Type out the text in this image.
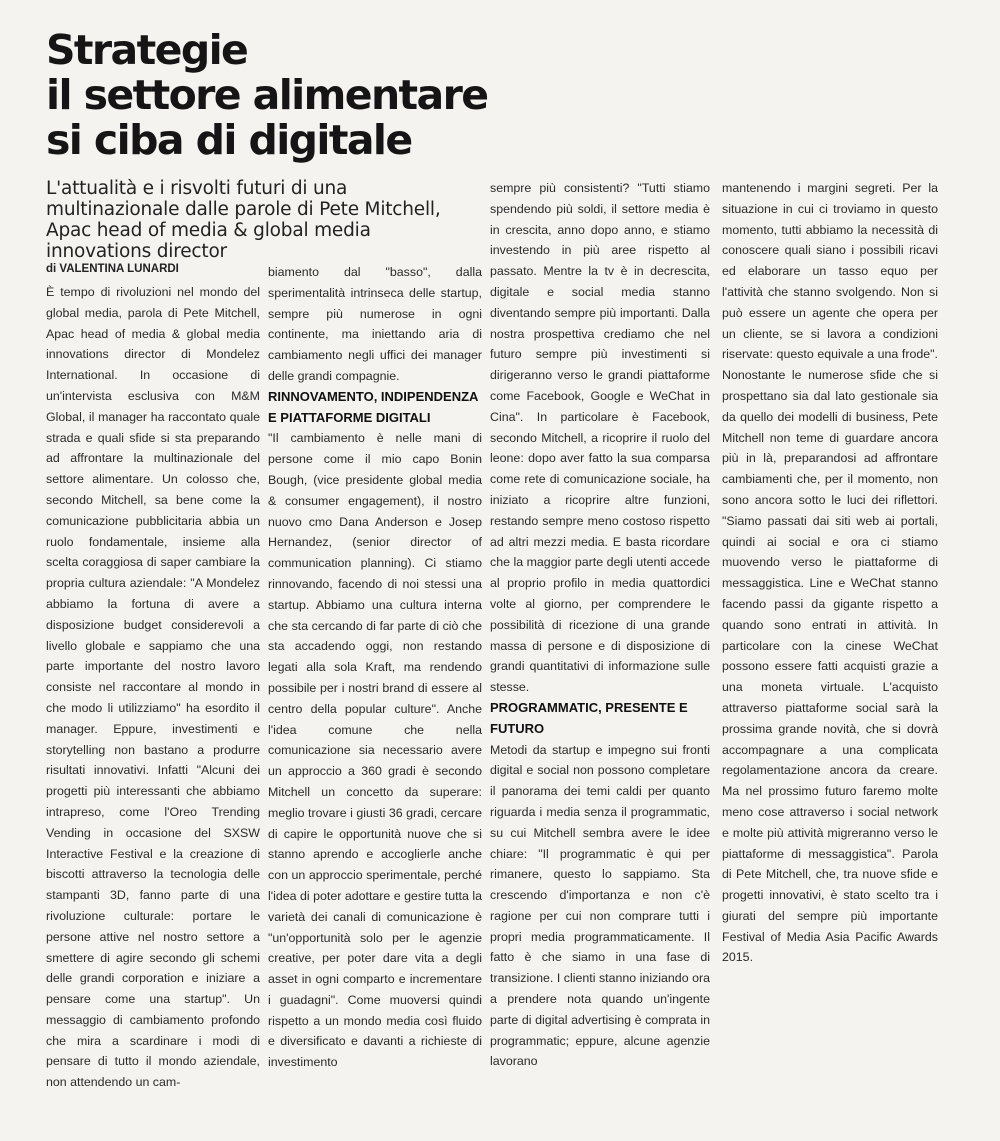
Strategie
il settore alimentare
si ciba di digitale
L'attualità e i risvolti futuri di una multinazionale dalle parole di Pete Mitchell, Apac head of media & global media innovations director
di VALENTINA LUNARDI

È tempo di rivoluzioni nel mondo del global media, parola di Pete Mitchell, Apac head of media & global media innovations director di Mondelez International. In occasione di un'intervista esclusiva con M&M Global, il manager ha raccontato quale strada e quali sfide si sta preparando ad affrontare la multinazionale del settore alimentare. Un colosso che, secondo Mitchell, sa bene come la comunicazione pubblicitaria abbia un ruolo fondamentale, insieme alla scelta coraggiosa di saper cambiare la propria cultura aziendale: "A Mondelez abbiamo la fortuna di avere a disposizione budget considerevoli a livello globale e sappiamo che una parte importante del nostro lavoro consiste nel raccontare al mondo in che modo li utilizziamo" ha esordito il manager. Eppure, investimenti e storytelling non bastano a produrre risultati innovativi. Infatti "Alcuni dei progetti più interessanti che abbiamo intrapreso, come l'Oreo Trending Vending in occasione del SXSW Interactive Festival e la creazione di biscotti attraverso la tecnologia delle stampanti 3D, fanno parte di una rivoluzione culturale: portare le persone attive nel nostro settore a smettere di agire secondo gli schemi delle grandi corporation e iniziare a pensare come una startup". Un messaggio di cambiamento profondo che mira a scardinare i modi di pensare di tutto il mondo aziendale, non attendendo un cam-

biamento dal "basso", dalla sperimentalità intrinseca delle startup, sempre più numerose in ogni continente, ma iniettando aria di cambiamento negli uffici dei manager delle grandi compagnie.

RINNOVAMENTO, INDIPENDENZA E PIATTAFORME DIGITALI

"Il cambiamento è nelle mani di persone come il mio capo Bonin Bough, (vice presidente global media & consumer engagement), il nostro nuovo cmo Dana Anderson e Josep Hernandez, (senior director of communication planning). Ci stiamo rinnovando, facendo di noi stessi una startup. Abbiamo una cultura interna che sta cercando di far parte di ciò che sta accadendo oggi, non restando legati alla sola Kraft, ma rendendo possibile per i nostri brand di essere al centro della popular culture". Anche l'idea comune che nella comunicazione sia necessario avere un approccio a 360 gradi è secondo Mitchell un concetto da superare: meglio trovare i giusti 36 gradi, cercare di capire le opportunità nuove che si stanno aprendo e accoglierle anche con un approccio sperimentale, perché l'idea di poter adottare e gestire tutta la varietà dei canali di comunicazione è "un'opportunità solo per le agenzie creative, per poter dare vita a degli asset in ogni comparto e incrementare i guadagni". Come muoversi quindi rispetto a un mondo media così fluido e diversificato e davanti a richieste di investimento

sempre più consistenti? "Tutti stiamo spendendo più soldi, il settore media è in crescita, anno dopo anno, e stiamo investendo in più aree rispetto al passato. Mentre la tv è in decrescita, digitale e social media stanno diventando sempre più importanti. Dalla nostra prospettiva crediamo che nel futuro sempre più investimenti si dirigeranno verso le grandi piattaforme come Facebook, Google e WeChat in Cina". In particolare è Facebook, secondo Mitchell, a ricoprire il ruolo del leone: dopo aver fatto la sua comparsa come rete di comunicazione sociale, ha iniziato a ricoprire altre funzioni, restando sempre meno costoso rispetto ad altri mezzi media. E basta ricordare che la maggior parte degli utenti accede al proprio profilo in media quattordici volte al giorno, per comprendere le possibilità di ricezione di una grande massa di persone e di disposizione di grandi quantitativi di informazione sulle stesse.

PROGRAMMATIC, PRESENTE E FUTURO

Metodi da startup e impegno sui fronti digital e social non possono completare il panorama dei temi caldi per quanto riguarda i media senza il programmatic, su cui Mitchell sembra avere le idee chiare: "Il programmatic è qui per rimanere, questo lo sappiamo. Sta crescendo d'importanza e non c'è ragione per cui non comprare tutti i propri media programmaticamente. Il fatto è che siamo in una fase di transizione. I clienti stanno iniziando ora a prendere nota quando un'ingente parte di digital advertising è comprata in programmatic; eppure, alcune agenzie lavorano

mantenendo i margini segreti. Per la situazione in cui ci troviamo in questo momento, tutti abbiamo la necessità di conoscere quali siano i possibili ricavi ed elaborare un tasso equo per l'attività che stanno svolgendo. Non si può essere un agente che opera per un cliente, se si lavora a condizioni riservate: questo equivale a una frode". Nonostante le numerose sfide che si prospettano sia dal lato gestionale sia da quello dei modelli di business, Pete Mitchell non teme di guardare ancora più in là, preparandosi ad affrontare cambiamenti che, per il momento, non sono ancora sotto le luci dei riflettori. "Siamo passati dai siti web ai portali, quindi ai social e ora ci stiamo muovendo verso le piattaforme di messaggistica. Line e WeChat stanno facendo passi da gigante rispetto a quando sono entrati in attività. In particolare con la cinese WeChat possono essere fatti acquisti grazie a una moneta virtuale. L'acquisto attraverso piattaforme social sarà la prossima grande novità, che si dovrà accompagnare a una complicata regolamentazione ancora da creare. Ma nel prossimo futuro faremo molte meno cose attraverso i social network e molte più attività migreranno verso le piattaforme di messaggistica". Parola di Pete Mitchell, che, tra nuove sfide e progetti innovativi, è stato scelto tra i giurati del sempre più importante Festival of Media Asia Pacific Awards 2015.
